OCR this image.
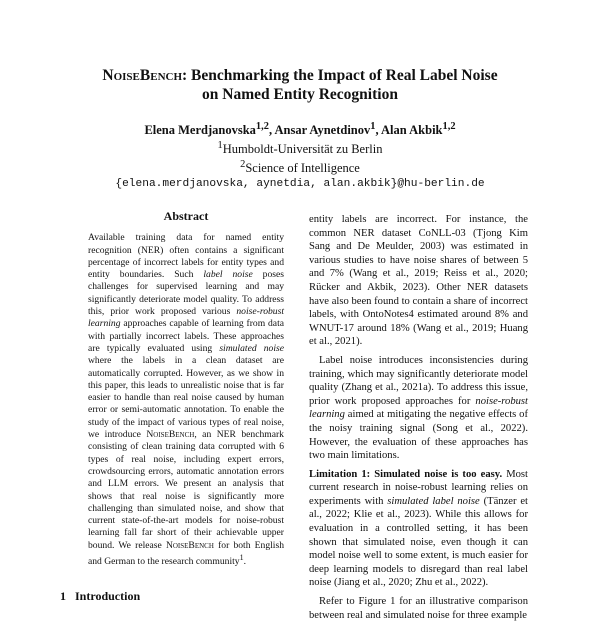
NoiseBench: Benchmarking the Impact of Real Label Noise
on Named Entity Recognition
Elena Merdjanovska$^{1,2}$, Ansar Aynetdinov$^1$, Alan Akbik$^{1,2}$
$^1$Humboldt-Universität zu Berlin
$^2$Science of Intelligence
{elena.merdjanovska, aynetdia, alan.akbik}@hu-berlin.de
Abstract

Available training data for named entity recognition (NER) often contains a significant percentage of incorrect labels for entity types and entity boundaries. Such label noise poses challenges for supervised learning and may significantly deteriorate model quality. To address this, prior work proposed various noise-robust learning approaches capable of learning from data with partially incorrect labels. These approaches are typically evaluated using simulated noise where the labels in a clean dataset are automatically corrupted. However, as we show in this paper, this leads to unrealistic noise that is far easier to handle than real noise caused by human error or semi-automatic annotation. To enable the study of the impact of various types of real noise, we introduce NoiseBench, an NER benchmark consisting of clean training data corrupted with 6 types of real noise, including expert errors, crowdsourcing errors, automatic annotation errors and LLM errors. We present an analysis that shows that real noise is significantly more challenging than simulated noise, and show that current state-of-the-art models for noise-robust learning fall far short of their achievable upper bound. We release NoiseBench for both English and German to the research community$^1$.

1 Introduction

entity labels are incorrect. For instance, the common NER dataset CoNLL-03 (Tjong Kim Sang and De Meulder, 2003) was estimated in various studies to have noise shares of between 5 and 7% (Wang et al., 2019; Reiss et al., 2020; Rücker and Akbik, 2023). Other NER datasets have also been found to contain a share of incorrect labels, with OntoNotes4 estimated around 8% and WNUT-17 around 18% (Wang et al., 2019; Huang et al., 2021).

Label noise introduces inconsistencies during training, which may significantly deteriorate model quality (Zhang et al., 2021a). To address this issue, prior work proposed approaches for noise-robust learning aimed at mitigating the negative effects of the noisy training signal (Song et al., 2022). However, the evaluation of these approaches has two main limitations.

Limitation 1: Simulated noise is too easy. Most current research in noise-robust learning relies on experiments with simulated label noise (Tänzer et al., 2022; Klie et al., 2023). While this allows for evaluation in a controlled setting, it has been shown that simulated noise, even though it can model noise well to some extent, is much easier for deep learning models to disregard than real label noise (Jiang et al., 2020; Zhu et al., 2022).

Refer to Figure 1 for an illustrative comparison between real and simulated noise for three example
